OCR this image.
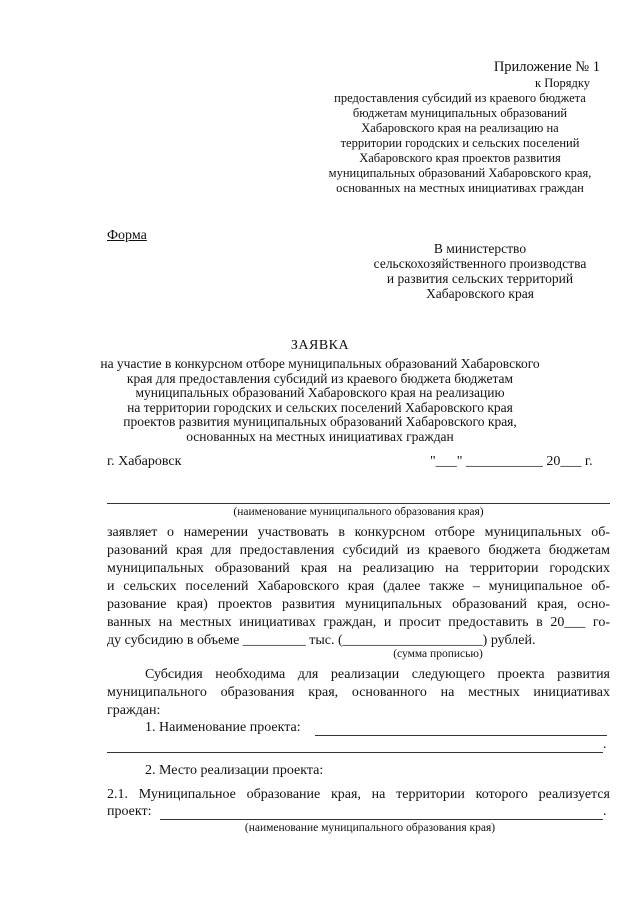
Приложение № 1
к Порядку
предоставления субсидий из краевого бюджета
бюджетам муниципальных образований
Хабаровского края на реализацию на
территории городских и сельских поселений
Хабаровского края проектов развития
муниципальных образований Хабаровского края,
основанных на местных инициативах граждан
Форма
В министерство
сельскохозяйственного производства
и развития сельских территорий
Хабаровского края
ЗАЯВКА
на участие в конкурсном отборе муниципальных образований Хабаровского
края для предоставления субсидий из краевого бюджета бюджетам
муниципальных образований Хабаровского края на реализацию
на территории городских и сельских поселений Хабаровского края
проектов развития муниципальных образований Хабаровского края,
основанных на местных инициативах граждан
г. Хабаровск	"___" ___________ 20___ г.
(наименование муниципального образования края)
заявляет о намерении участвовать в конкурсном отборе муниципальных об-
разований края для предоставления субсидий из краевого бюджета бюджетам
муниципальных образований края на реализацию на территории городских
и сельских поселений Хабаровского края (далее также – муниципальное об-
разование края) проектов развития муниципальных образований края, осно-
ванных на местных инициативах граждан, и просит предоставить в 20___ го-
ду субсидию в объеме _________ тыс. (____________________) рублей.
(сумма прописью)
Субсидия необходима для реализации следующего проекта развития
муниципального образования края, основанного на местных инициативах
граждан:
1. Наименование проекта:
.
2. Место реализации проекта:
2.1. Муниципальное образование края, на территории которого реализуется
проект:	.
(наименование муниципального образования края)
